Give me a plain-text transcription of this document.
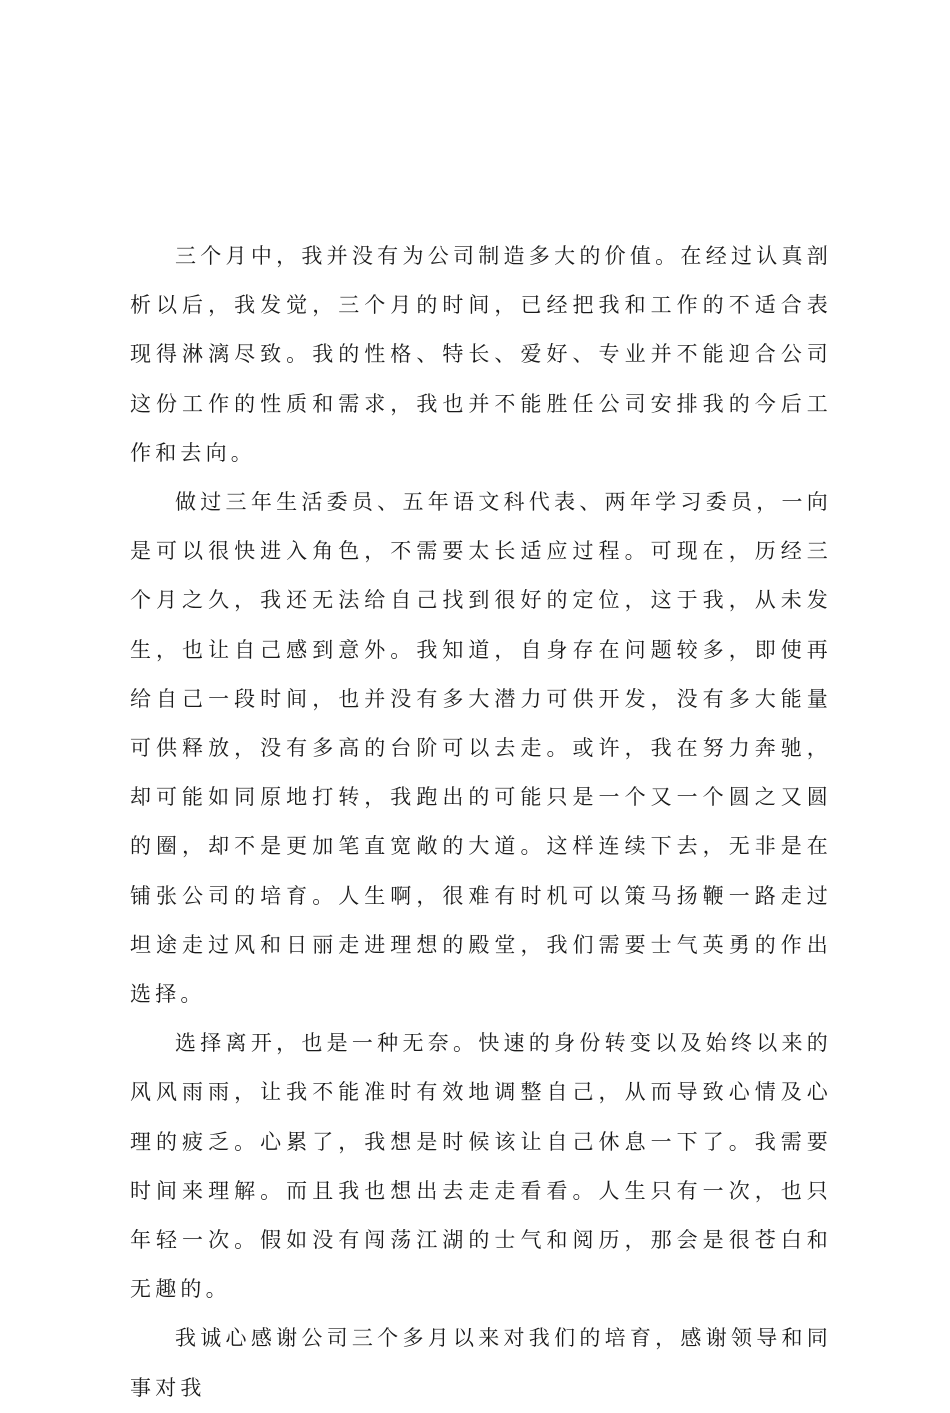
三个月中，我并没有为公司制造多大的价值。在经过认真剖析以后，我发觉，三个月的时间，已经把我和工作的不适合表现得淋漓尽致。我的性格、特长、爱好、专业并不能迎合公司这份工作的性质和需求，我也并不能胜任公司安排我的今后工作和去向。

做过三年生活委员、五年语文科代表、两年学习委员，一向是可以很快进入角色，不需要太长适应过程。可现在，历经三个月之久，我还无法给自己找到很好的定位，这于我，从未发生，也让自己感到意外。我知道，自身存在问题较多，即使再给自己一段时间，也并没有多大潜力可供开发，没有多大能量可供释放，没有多高的台阶可以去走。或许，我在努力奔驰，却可能如同原地打转，我跑出的可能只是一个又一个圆之又圆的圈，却不是更加笔直宽敞的大道。这样连续下去，无非是在铺张公司的培育。人生啊，很难有时机可以策马扬鞭一路走过坦途走过风和日丽走进理想的殿堂，我们需要士气英勇的作出选择。

选择离开，也是一种无奈。快速的身份转变以及始终以来的风风雨雨，让我不能准时有效地调整自己，从而导致心情及心理的疲乏。心累了，我想是时候该让自己休息一下了。我需要时间来理解。而且我也想出去走走看看。人生只有一次，也只年轻一次。假如没有闯荡江湖的士气和阅历，那会是很苍白和无趣的。

我诚心感谢公司三个多月以来对我们的培育，感谢领导和同事对我
